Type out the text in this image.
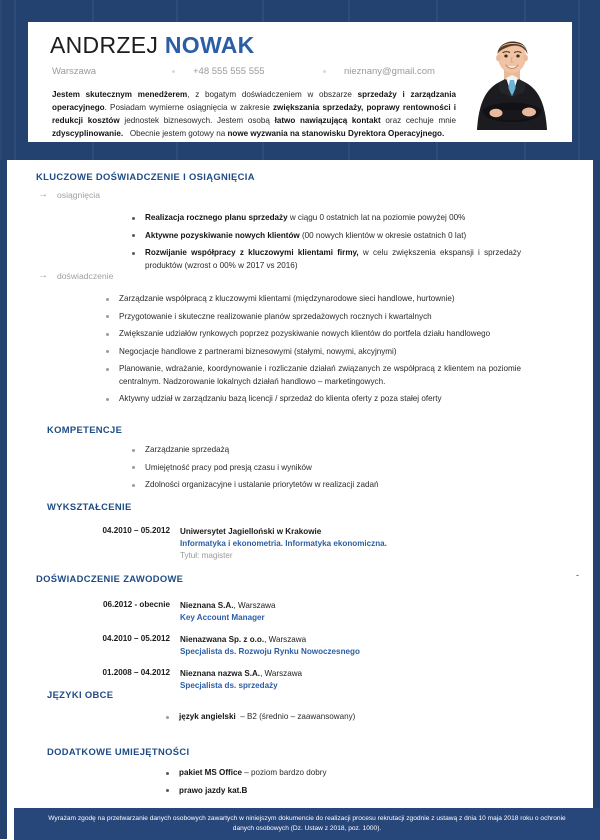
ANDRZEJ NOWAK
Warszawa	+48 555 555 555	nieznany@gmail.com
Jestem skutecznym menedżerem, z bogatym doświadczeniem w obszarze sprzedaży i zarządzania operacyjnego. Posiadam wymierne osiągnięcia w zakresie zwiększania sprzedaży, poprawy rentowności i redukcji kosztów jednostek biznesowych. Jestem osobą łatwo nawiązującą kontakt oraz cechuje mnie zdyscyplinowanie.   Obecnie jestem gotowy na nowe wyzwania na stanowisku Dyrektora Operacyjnego.
KLUCZOWE DOŚWIADCZENIE I OSIĄGNIĘCIA
→ osiągnięcia
Realizacja rocznego planu sprzedaży w ciągu 0 ostatnich lat na poziomie powyżej 00%
Aktywne pozyskiwanie nowych klientów (00 nowych klientów w okresie ostatnich 0 lat)
Rozwijanie współpracy z kluczowymi klientami firmy, w celu zwiększenia ekspansji i sprzedaży produktów (wzrost o 00% w 2017 vs 2016)
→ doświadczenie
Zarządzanie współpracą z kluczowymi klientami (międzynarodowe sieci handlowe, hurtownie)
Przygotowanie i skuteczne realizowanie planów sprzedażowych rocznych i kwartalnych
Zwiększanie udziałów rynkowych poprzez pozyskiwanie nowych klientów do portfela działu handlowego
Negocjacje handlowe z partnerami biznesowymi (stałymi, nowymi, akcyjnymi)
Planowanie, wdrażanie, koordynowanie i rozliczanie działań związanych ze współpracą z klientem na poziomie centralnym. Nadzorowanie lokalnych działań handlowo – marketingowych.
Aktywny udział w zarządzaniu bazą licencji / sprzedaż do klienta oferty z poza stałej oferty
KOMPETENCJE
Zarządzanie sprzedażą
Umiejętność pracy pod presją czasu i wyników
Zdolności organizacyjne i ustalanie priorytetów w realizacji zadań
WYKSZTAŁCENIE
04.2010 – 05.2012	Uniwersytet Jagielloński w Krakowie
Informatyka i ekonometria. Informatyka ekonomiczna.
Tytuł: magister
DOŚWIADCZENIE ZAWODOWE	-
06.2012 - obecnie	Nieznana S.A., Warszawa
Key Account Manager
04.2010 – 05.2012	Nienazwana Sp. z o.o., Warszawa
Specjalista ds. Rozwoju Rynku Nowoczesnego
01.2008 – 04.2012	Nieznana nazwa S.A., Warszawa
Specjalista ds. sprzedaży
JĘZYKI OBCE
język angielski  – B2 (średnio – zaawansowany)
DODATKOWE UMIEJĘTNOŚCI
pakiet MS Office – poziom bardzo dobry
prawo jazdy kat.B
Wyrażam zgodę na przetwarzanie danych osobowych zawartych w niniejszym dokumencie do realizacji procesu rekrutacji zgodnie z ustawą z dnia 10 maja 2018 roku o ochronie danych osobowych (Dz. Ustaw z 2018, poz. 1000).
